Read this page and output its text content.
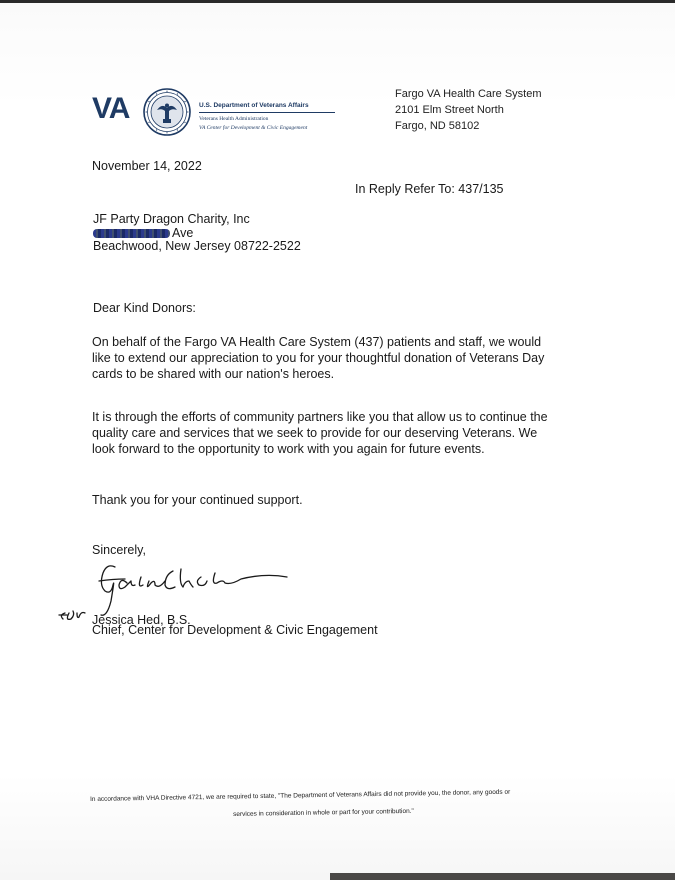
VA	U.S. Department of Veterans Affairs
Veterans Health Administration
VA Center for Development & Civic Engagement
Fargo VA Health Care System
2101 Elm Street North
Fargo, ND 58102
November 14, 2022
In Reply Refer To: 437/135
JF Party Dragon Charity, Inc
Ave
Beachwood, New Jersey 08722-2522
Dear Kind Donors:
On behalf of the Fargo VA Health Care System (437) patients and staff, we would
like to extend our appreciation to you for your thoughtful donation of Veterans Day
cards to be shared with our nation's heroes.
It is through the efforts of community partners like you that allow us to continue the
quality care and services that we seek to provide for our deserving Veterans. We
look forward to the opportunity to work with you again for future events.
Thank you for your continued support.
Sincerely,
Jessica Hed, B.S.
Chief, Center for Development & Civic Engagement
In accordance with VHA Directive 4721, we are required to state, "The Department of Veterans Affairs did not provide you, the donor, any goods or
services in consideration in whole or part for your contribution."
